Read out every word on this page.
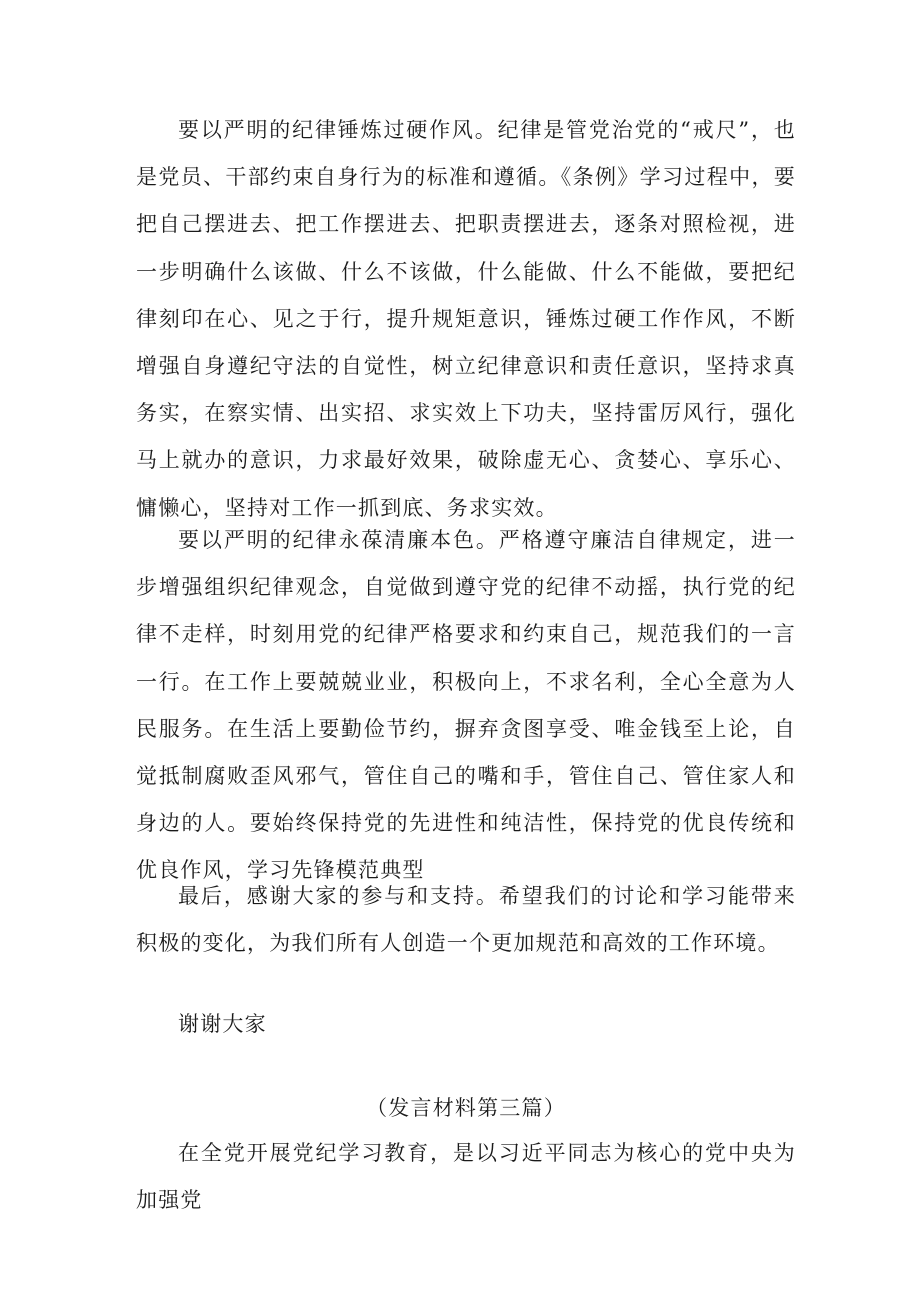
要以严明的纪律锤炼过硬作风。纪律是管党治党的“戒尺”，也是党员、干部约束自身行为的标准和遵循。《条例》学习过程中，要把自己摆进去、把工作摆进去、把职责摆进去，逐条对照检视，进一步明确什么该做、什么不该做，什么能做、什么不能做，要把纪律刻印在心、见之于行，提升规矩意识，锤炼过硬工作作风，不断增强自身遵纪守法的自觉性，树立纪律意识和责任意识，坚持求真务实，在察实情、出实招、求实效上下功夫，坚持雷厉风行，强化马上就办的意识，力求最好效果，破除虚无心、贪婪心、享乐心、慵懒心，坚持对工作一抓到底、务求实效。

要以严明的纪律永葆清廉本色。严格遵守廉洁自律规定，进一步增强组织纪律观念，自觉做到遵守党的纪律不动摇，执行党的纪律不走样，时刻用党的纪律严格要求和约束自己，规范我们的一言一行。在工作上要兢兢业业，积极向上，不求名利，全心全意为人民服务。在生活上要勤俭节约，摒弃贪图享受、唯金钱至上论，自觉抵制腐败歪风邪气，管住自己的嘴和手，管住自己、管住家人和身边的人。要始终保持党的先进性和纯洁性，保持党的优良传统和优良作风，学习先锋模范典型

最后，感谢大家的参与和支持。希望我们的讨论和学习能带来积极的变化，为我们所有人创造一个更加规范和高效的工作环境。

谢谢大家

（发言材料第三篇）

在全党开展党纪学习教育，是以习近平同志为核心的党中央为加强党
